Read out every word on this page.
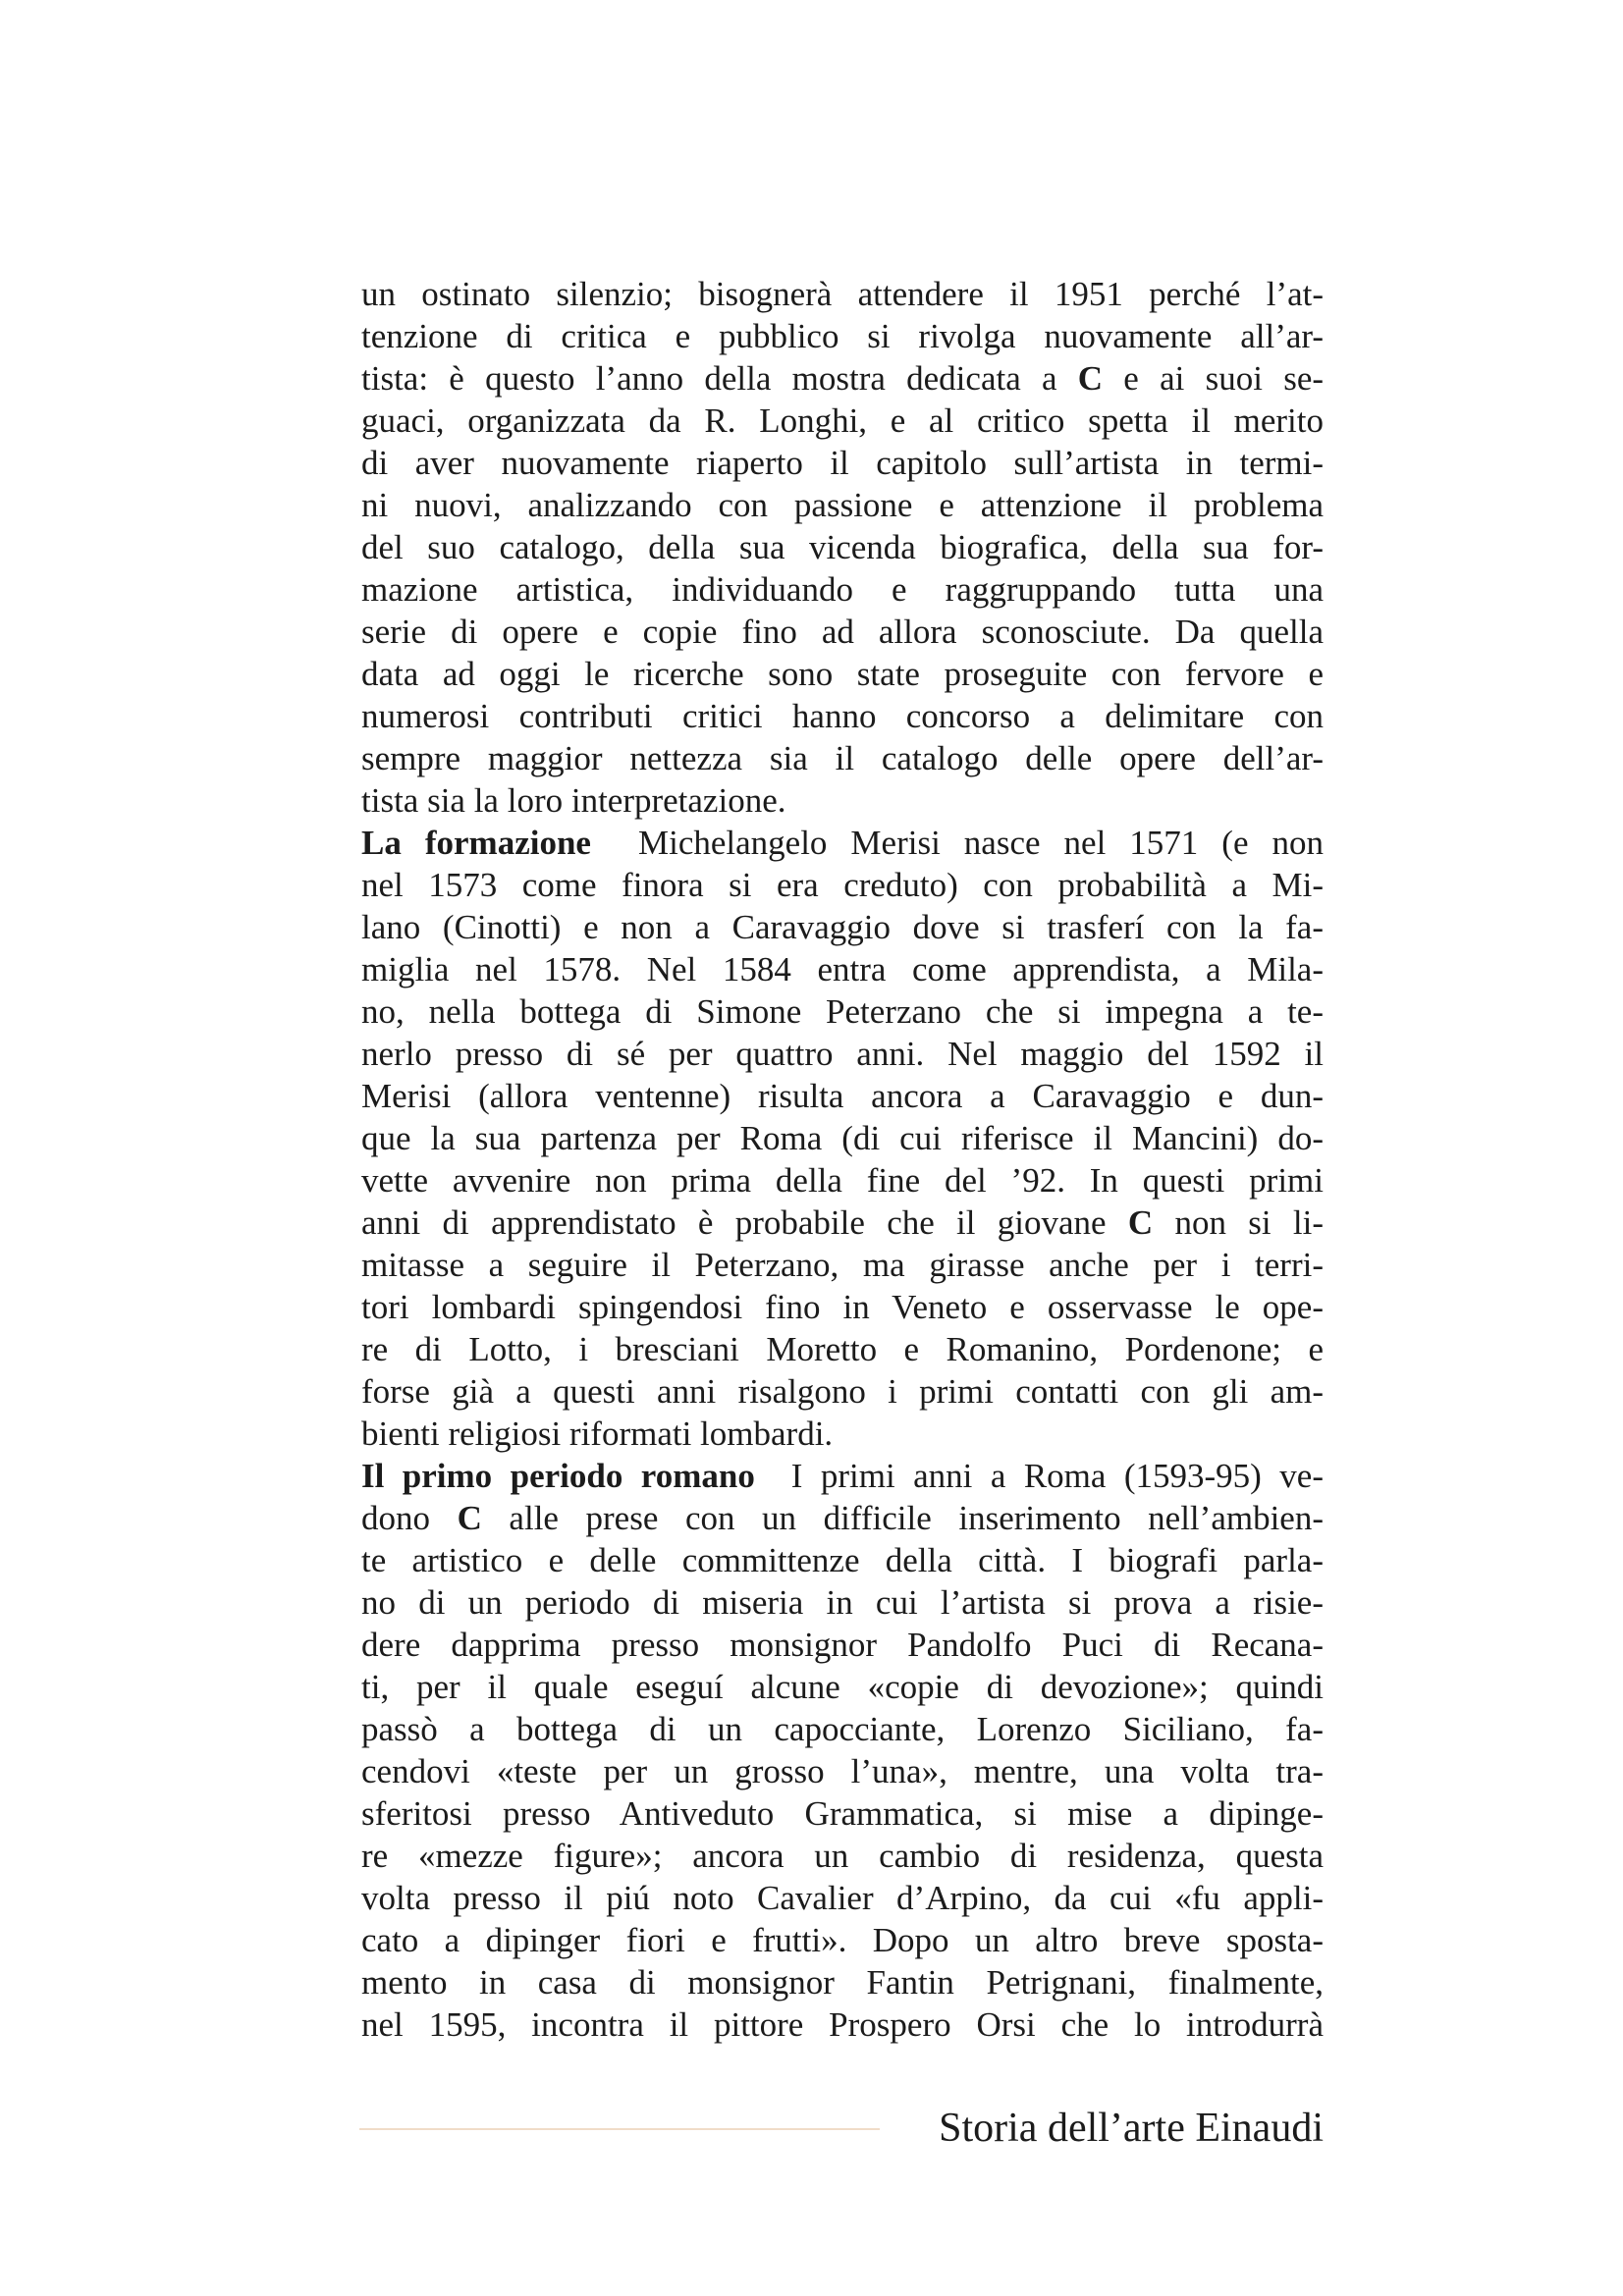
un ostinato silenzio; bisognerà attendere il 1951 perché l’at-
tenzione di critica e pubblico si rivolga nuovamente all’ar-
tista: è questo l’anno della mostra dedicata a C e ai suoi se-
guaci, organizzata da R. Longhi, e al critico spetta il merito
di aver nuovamente riaperto il capitolo sull’artista in termi-
ni nuovi, analizzando con passione e attenzione il problema
del suo catalogo, della sua vicenda biografica, della sua for-
mazione artistica, individuando e raggruppando tutta una
serie di opere e copie fino ad allora sconosciute. Da quella
data ad oggi le ricerche sono state proseguite con fervore e
numerosi contributi critici hanno concorso a delimitare con
sempre maggior nettezza sia il catalogo delle opere dell’ar-
tista sia la loro interpretazione.
La formazione  Michelangelo Merisi nasce nel 1571 (e non
nel 1573 come finora si era creduto) con probabilità a Mi-
lano (Cinotti) e non a Caravaggio dove si trasferí con la fa-
miglia nel 1578. Nel 1584 entra come apprendista, a Mila-
no, nella bottega di Simone Peterzano che si impegna a te-
nerlo presso di sé per quattro anni. Nel maggio del 1592 il
Merisi (allora ventenne) risulta ancora a Caravaggio e dun-
que la sua partenza per Roma (di cui riferisce il Mancini) do-
vette avvenire non prima della fine del ’92. In questi primi
anni di apprendistato è probabile che il giovane C non si li-
mitasse a seguire il Peterzano, ma girasse anche per i terri-
tori lombardi spingendosi fino in Veneto e osservasse le ope-
re di Lotto, i bresciani Moretto e Romanino, Pordenone; e
forse già a questi anni risalgono i primi contatti con gli am-
bienti religiosi riformati lombardi.
Il primo periodo romano  I primi anni a Roma (1593-95) ve-
dono C alle prese con un difficile inserimento nell’ambien-
te artistico e delle committenze della città. I biografi parla-
no di un periodo di miseria in cui l’artista si prova a risie-
dere dapprima presso monsignor Pandolfo Puci di Recana-
ti, per il quale eseguí alcune «copie di devozione»; quindi
passò a bottega di un capocciante, Lorenzo Siciliano, fa-
cendovi «teste per un grosso l’una», mentre, una volta tra-
sferitosi presso Antiveduto Grammatica, si mise a dipinge-
re «mezze figure»; ancora un cambio di residenza, questa
volta presso il piú noto Cavalier d’Arpino, da cui «fu appli-
cato a dipinger fiori e frutti». Dopo un altro breve sposta-
mento in casa di monsignor Fantin Petrignani, finalmente,
nel 1595, incontra il pittore Prospero Orsi che lo introdurrà
Storia dell’arte Einaudi
